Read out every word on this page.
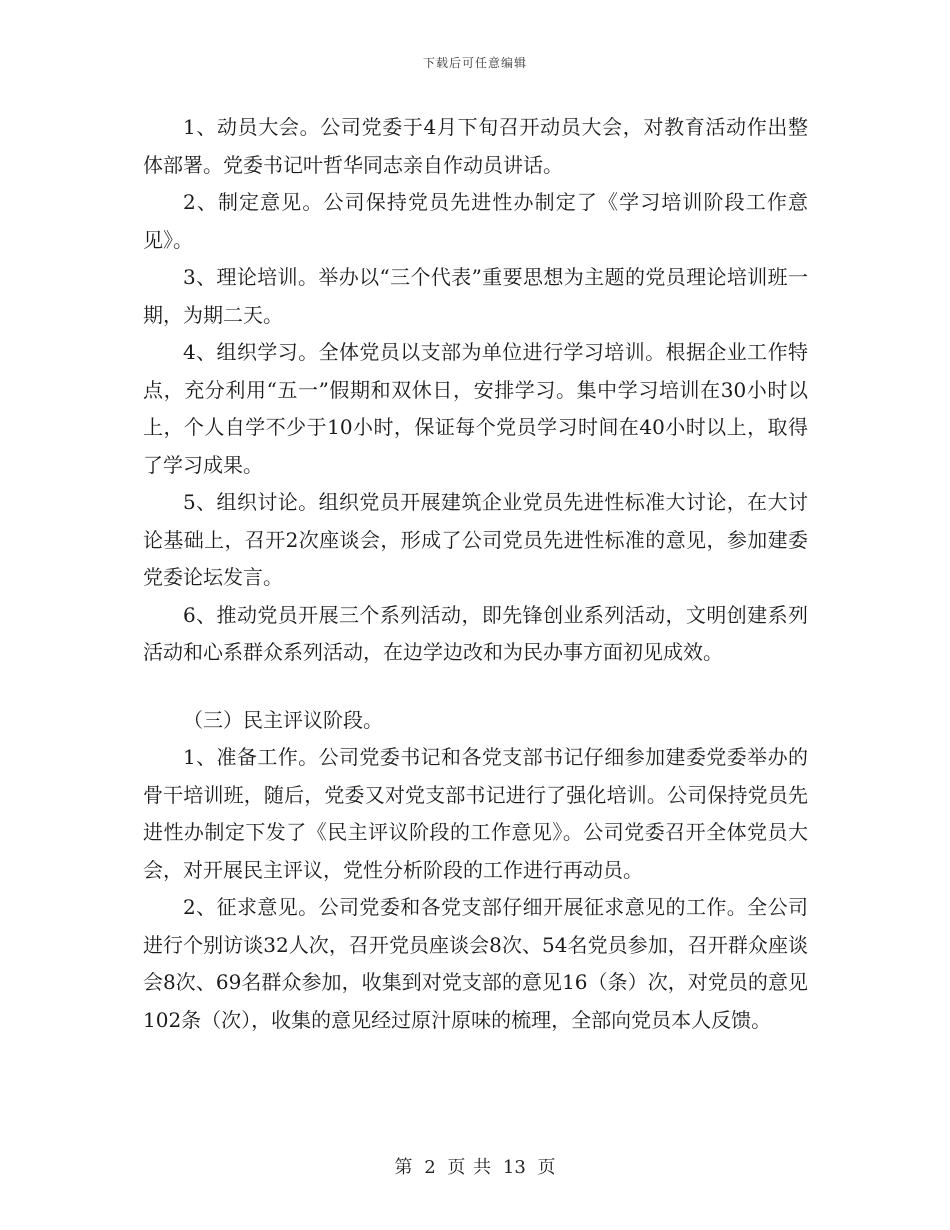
下载后可任意编辑

1、动员大会。公司党委于4月下旬召开动员大会，对教育活动作出整体部署。党委书记叶哲华同志亲自作动员讲话。

2、制定意见。公司保持党员先进性办制定了《学习培训阶段工作意见》。

3、理论培训。举办以“三个代表”重要思想为主题的党员理论培训班一期，为期二天。

4、组织学习。全体党员以支部为单位进行学习培训。根据企业工作特点，充分利用“五一”假期和双休日，安排学习。集中学习培训在30小时以上，个人自学不少于10小时，保证每个党员学习时间在40小时以上，取得了学习成果。

5、组织讨论。组织党员开展建筑企业党员先进性标准大讨论，在大讨论基础上，召开2次座谈会，形成了公司党员先进性标准的意见，参加建委党委论坛发言。

6、推动党员开展三个系列活动，即先锋创业系列活动，文明创建系列活动和心系群众系列活动，在边学边改和为民办事方面初见成效。

（三）民主评议阶段。

1、准备工作。公司党委书记和各党支部书记仔细参加建委党委举办的骨干培训班，随后，党委又对党支部书记进行了强化培训。公司保持党员先进性办制定下发了《民主评议阶段的工作意见》。公司党委召开全体党员大会，对开展民主评议，党性分析阶段的工作进行再动员。

2、征求意见。公司党委和各党支部仔细开展征求意见的工作。全公司进行个别访谈32人次，召开党员座谈会8次、54名党员参加，召开群众座谈会8次、69名群众参加，收集到对党支部的意见16（条）次，对党员的意见102条（次），收集的意见经过原汁原味的梳理，全部向党员本人反馈。

第 2 页 共 13 页
